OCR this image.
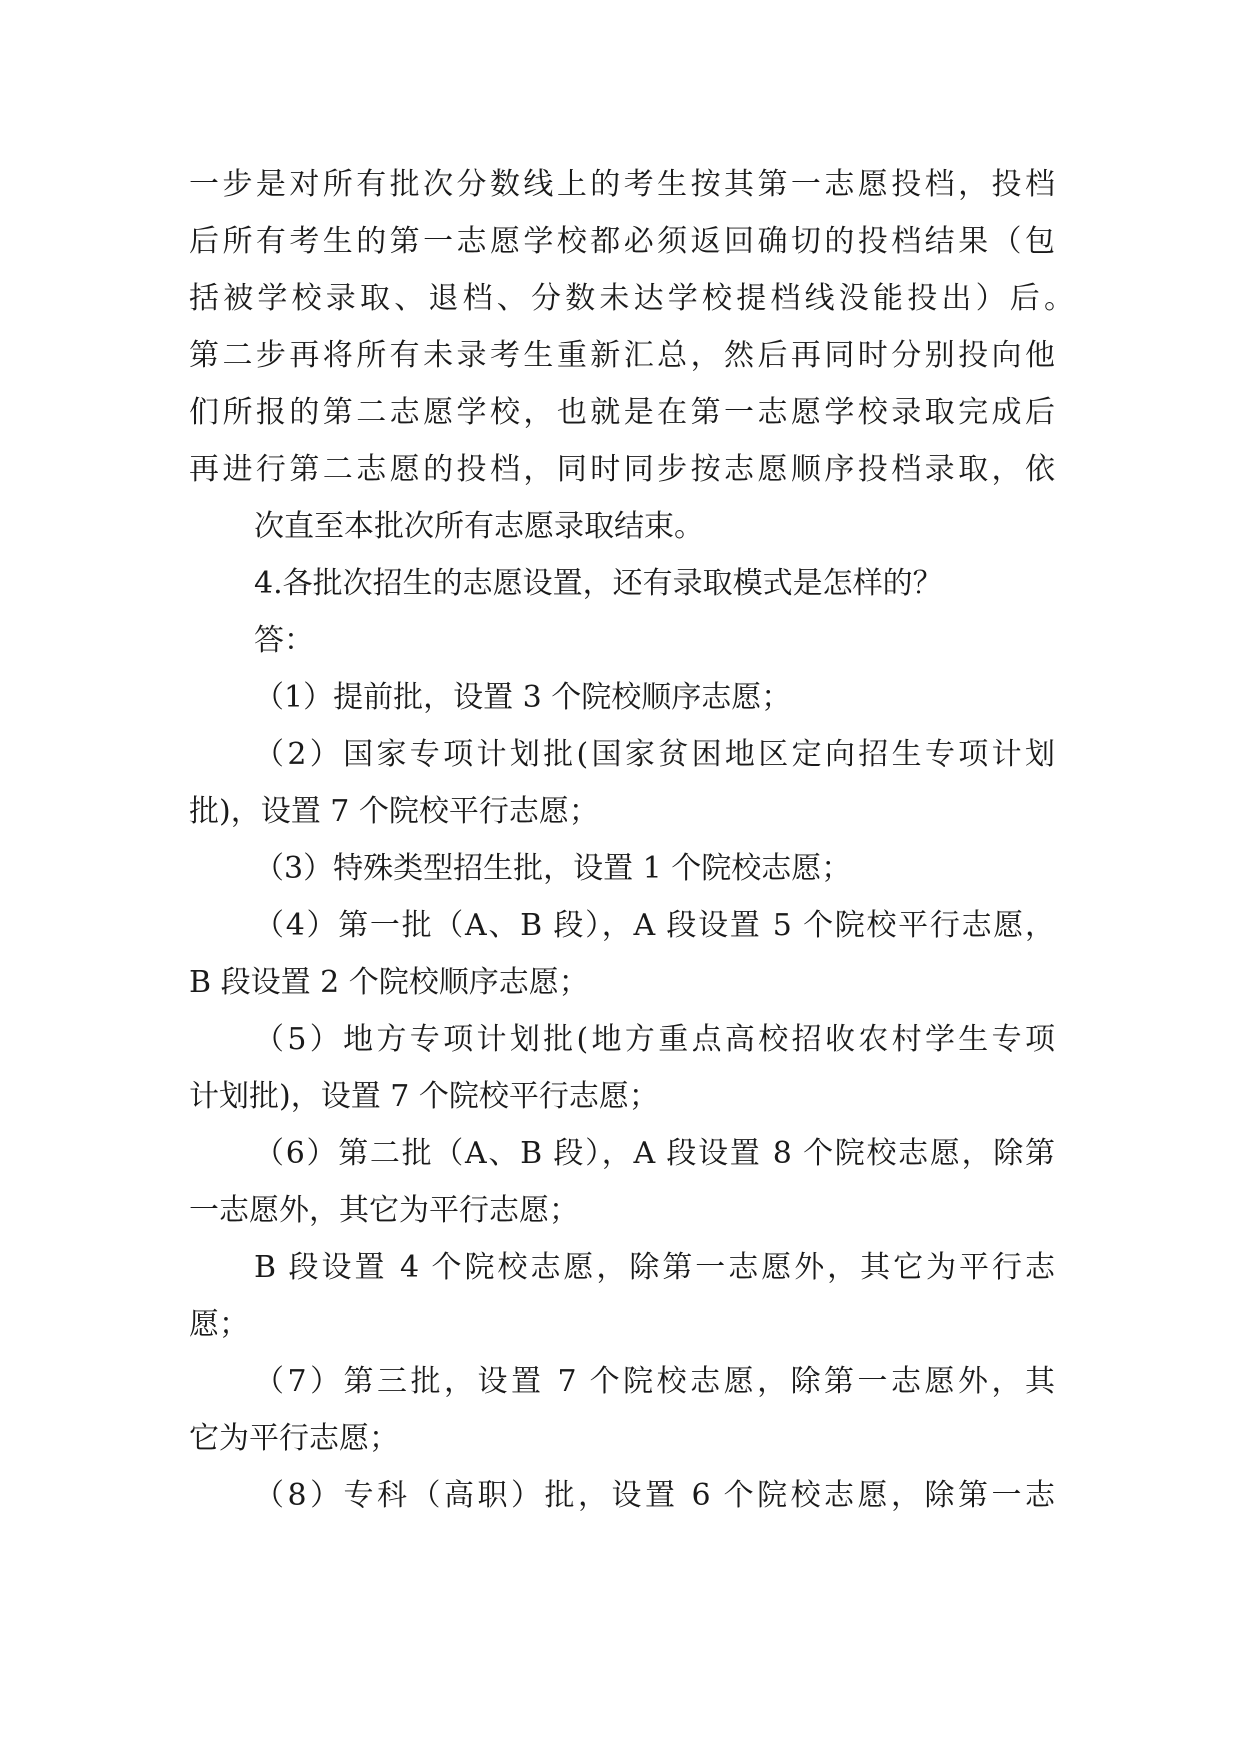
一步是对所有批次分数线上的考生按其第一志愿投档，投档
后所有考生的第一志愿学校都必须返回确切的投档结果（包
括被学校录取、退档、分数未达学校提档线没能投出）后。
第二步再将所有未录考生重新汇总，然后再同时分别投向他
们所报的第二志愿学校，也就是在第一志愿学校录取完成后
再进行第二志愿的投档，同时同步按志愿顺序投档录取，依
次直至本批次所有志愿录取结束。
4.各批次招生的志愿设置，还有录取模式是怎样的？
答：
（1）提前批，设置 3 个院校顺序志愿；
（2）国家专项计划批(国家贫困地区定向招生专项计划
批)，设置 7 个院校平行志愿；
（3）特殊类型招生批，设置 1 个院校志愿；
（4）第一批（A、B 段），A 段设置 5 个院校平行志愿，
B 段设置 2 个院校顺序志愿；
（5）地方专项计划批(地方重点高校招收农村学生专项
计划批)，设置 7 个院校平行志愿；
（6）第二批（A、B 段），A 段设置 8 个院校志愿，除第
一志愿外，其它为平行志愿；
B 段设置 4 个院校志愿，除第一志愿外，其它为平行志
愿；
（7）第三批，设置 7 个院校志愿，除第一志愿外，其
它为平行志愿；
（8）专科（高职）批，设置 6 个院校志愿，除第一志
